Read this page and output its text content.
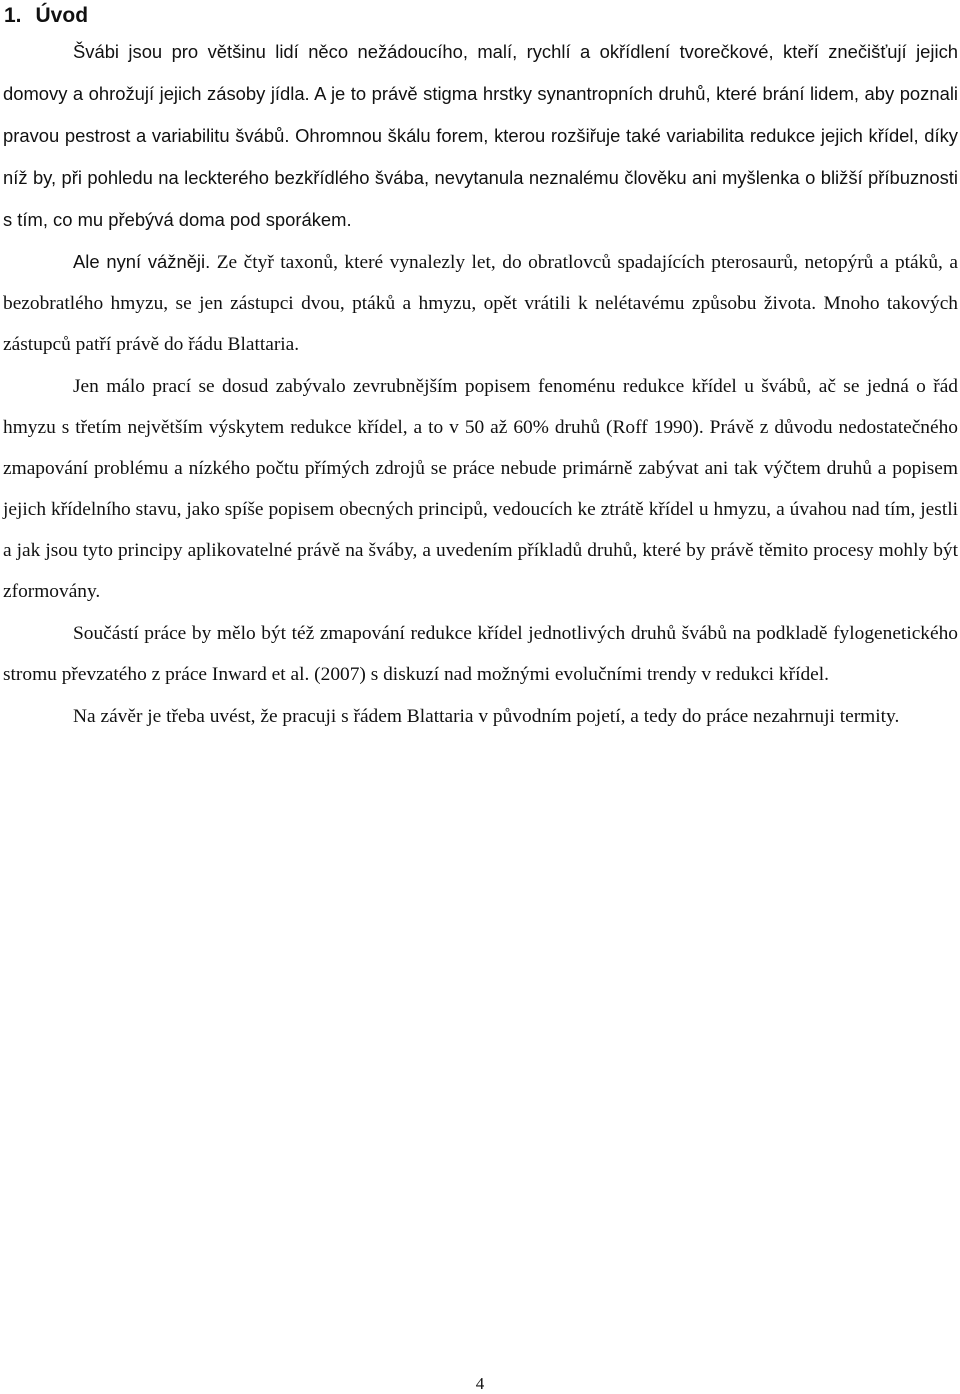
1. Úvod

Švábi jsou pro většinu lidí něco nežádoucího, malí, rychlí a okřídlení tvorečkové, kteří znečišťují jejich domovy a ohrožují jejich zásoby jídla. A je to právě stigma hrstky synantropních druhů, které brání lidem, aby poznali pravou pestrost a variabilitu švábů. Ohromnou škálu forem, kterou rozšiřuje také variabilita redukce jejich křídel, díky níž by, při pohledu na leckterého bezkřídlého švába, nevytanula neznalému člověku ani myšlenka o bližší příbuznosti s tím, co mu přebývá doma pod sporákem.

Ale nyní vážněji. Ze čtyř taxonů, které vynalezly let, do obratlovců spadajících pterosaurů, netopýrů a ptáků, a bezobratlého hmyzu, se jen zástupci dvou, ptáků a hmyzu, opět vrátili k nelétavému způsobu života. Mnoho takových zástupců patří právě do řádu Blattaria.

Jen málo prací se dosud zabývalo zevrubnějším popisem fenoménu redukce křídel u švábů, ač se jedná o řád hmyzu s třetím největším výskytem redukce křídel, a to v 50 až 60% druhů (Roff 1990). Právě z důvodu nedostatečného zmapování problému a nízkého počtu přímých zdrojů se práce nebude primárně zabývat ani tak výčtem druhů a popisem jejich křídelního stavu, jako spíše popisem obecných principů, vedoucích ke ztrátě křídel u hmyzu, a úvahou nad tím, jestli a jak jsou tyto principy aplikovatelné právě na šváby, a uvedením příkladů druhů, které by právě těmito procesy mohly být zformovány.

Součástí práce by mělo být též zmapování redukce křídel jednotlivých druhů švábů na podkladě fylogenetického stromu převzatého z práce Inward et al. (2007) s diskuzí nad možnými evolučními trendy v redukci křídel.

Na závěr je třeba uvést, že pracuji s řádem Blattaria v původním pojetí, a tedy do práce nezahrnuji termity.

4
